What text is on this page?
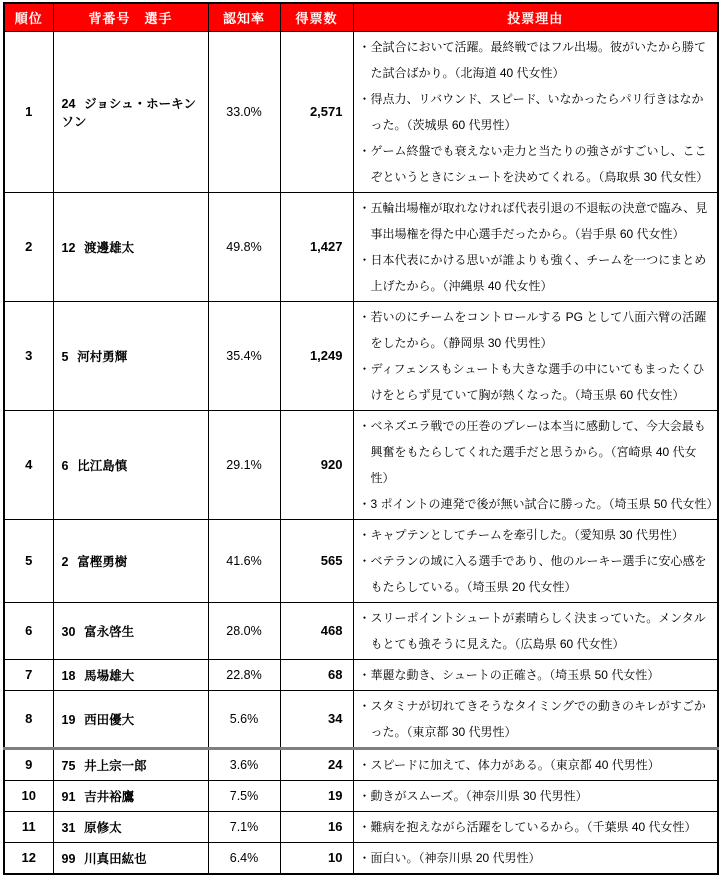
順位	背番号　選手	認知率	得票数	投票理由
1	24 ジョシュ・ホーキンソン	33.0%	2,571	・全試合において活躍。最終戦ではフル出場。彼がいたから勝てた試合ばかり。（北海道 40 代女性）
・得点力、リバウンド、スピード、いなかったらパリ行きはなかった。（茨城県 60 代男性）
・ゲーム終盤でも衰えない走力と当たりの強さがすごいし、ここぞというときにシュートを決めてくれる。（鳥取県 30 代女性）

2	12 渡邊雄太	49.8%	1,427	・五輪出場権が取れなければ代表引退の不退転の決意で臨み、見事出場権を得た中心選手だったから。（岩手県 60 代女性）
・日本代表にかける思いが誰よりも強く、チームを一つにまとめ上げたから。（沖縄県 40 代女性）

3	5 河村勇輝	35.4%	1,249	・若いのにチームをコントロールする PG として八面六臂の活躍をしたから。（静岡県 30 代男性）
・ディフェンスもシュートも大きな選手の中にいてもまったくひけをとらず見ていて胸が熱くなった。（埼玉県 60 代女性）

4	6 比江島慎	29.1%	920	・ベネズエラ戦での圧巻のプレーは本当に感動して、今大会最も興奮をもたらしてくれた選手だと思うから。（宮崎県 40 代女性）
・3 ポイントの連発で後が無い試合に勝った。（埼玉県 50 代女性）

5	2 富樫勇樹	41.6%	565	・キャプテンとしてチームを牽引した。（愛知県 30 代男性）
・ベテランの域に入る選手であり、他のルーキー選手に安心感をもたらしている。（埼玉県 20 代女性）

6	30 富永啓生	28.0%	468	・スリーポイントシュートが素晴らしく決まっていた。メンタルもとても強そうに見えた。（広島県 60 代女性）

7	18 馬場雄大	22.8%	68	・華麗な動き、シュートの正確さ。（埼玉県 50 代女性）

8	19 西田優大	5.6%	34	・スタミナが切れてきそうなタイミングでの動きのキレがすごかった。（東京都 30 代男性）

9	75 井上宗一郎	3.6%	24	・スピードに加えて、体力がある。（東京都 40 代男性）

10	91 吉井裕鷹	7.5%	19	・動きがスムーズ。（神奈川県 30 代男性）

11	31 原修太	7.1%	16	・難病を抱えながら活躍をしているから。（千葉県 40 代女性）

12	99 川真田紘也	6.4%	10	・面白い。（神奈川県 20 代男性）
